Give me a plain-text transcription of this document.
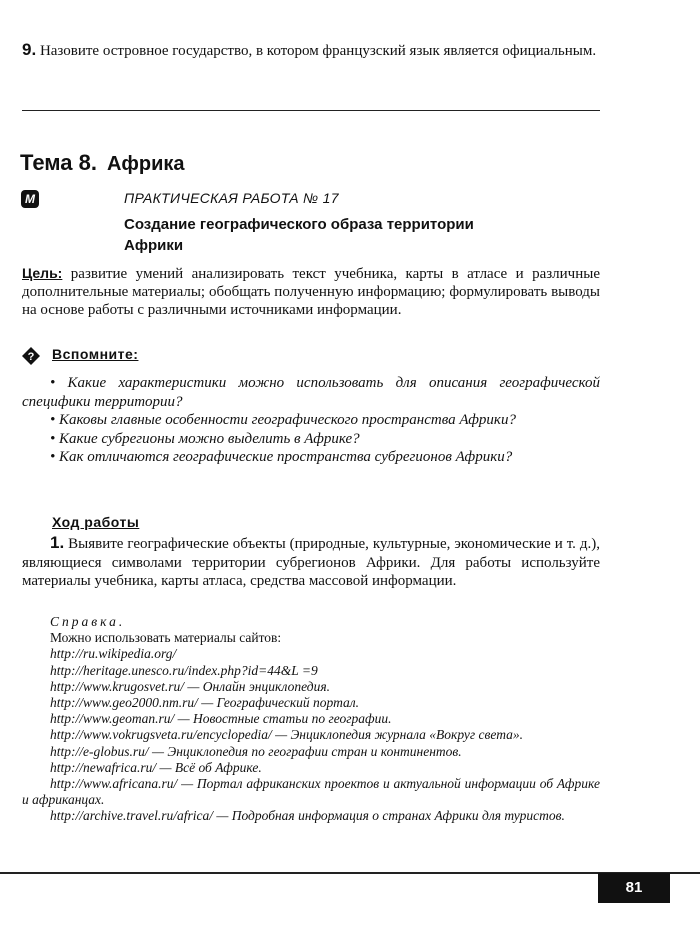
9. Назовите островное государство, в котором французский язык является официальным.
Тема 8. Африка
M	ПРАКТИЧЕСКАЯ РАБОТА № 17
Создание географического образа территории Африки
Цель: развитие умений анализировать текст учебника, карты в атласе и различные дополнительные материалы; обобщать полученную информацию; формулировать выводы на основе работы с различными источниками информации.
? Вспомните:

• Какие характеристики можно использовать для описания географической специфики территории?

• Каковы главные особенности географического пространства Африки?

• Какие субрегионы можно выделить в Африке?

• Как отличаются географические пространства субрегионов Африки?

Ход работы
1. Выявите географические объекты (природные, культурные, экономические и т. д.), являющиеся символами территории субрегионов Африки. Для работы используйте материалы учебника, карты атласа, средства массовой информации.

Справка.

Можно использовать материалы сайтов:

http://ru.wikipedia.org/

http://heritage.unesco.ru/index.php?id=44&L =9

http://www.krugosvet.ru/ — Онлайн энциклопедия.

http://www.geo2000.nm.ru/ — Географический портал.

http://www.geoman.ru/ — Новостные статьи по географии.

http://www.vokrugsveta.ru/encyclopedia/ — Энциклопедия журнала «Вокруг света».

http://e-globus.ru/ — Энциклопедия по географии стран и континентов.

http://newafrica.ru/ — Всё об Африке.

http://www.africana.ru/ — Портал африканских проектов и актуальной информации об Африке и африканцах.

http://archive.travel.ru/africa/ — Подробная информация о странах Африки для туристов.

81
